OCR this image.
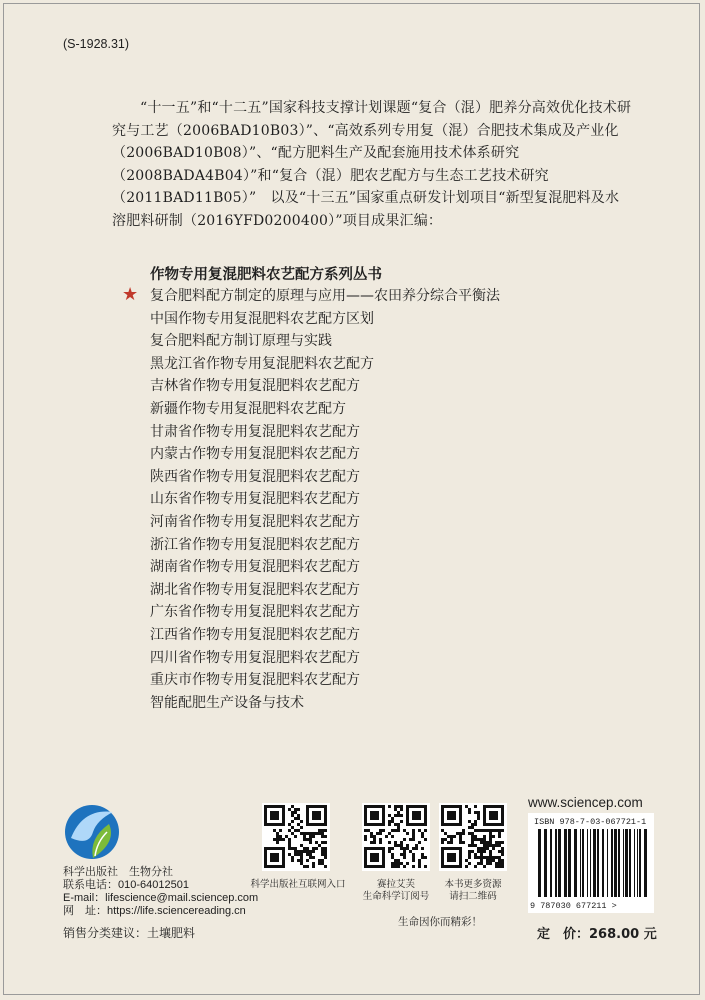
(S-1928.31)
“十一五”和“十二五”国家科技支撑计划课题“复合（混）肥养分高效优化技术研究与工艺（2006BAD10B03）”、“高效系列专用复（混）合肥技术集成及产业化（2006BAD10B08）”、“配方肥料生产及配套施用技术体系研究（2008BADA4B04）”和“复合（混）肥农艺配方与生态工艺技术研究（2011BAD11B05）”　以及“十三五”国家重点研发计划项目“新型复混肥料及水溶肥料研制（2016YFD0200400）”项目成果汇编：
作物专用复混肥料农艺配方系列丛书
★ 复合肥料配方制定的原理与应用——农田养分综合平衡法
中国作物专用复混肥料农艺配方区划
复合肥料配方制订原理与实践
黑龙江省作物专用复混肥料农艺配方
吉林省作物专用复混肥料农艺配方
新疆作物专用复混肥料农艺配方
甘肃省作物专用复混肥料农艺配方
内蒙古作物专用复混肥料农艺配方
陕西省作物专用复混肥料农艺配方
山东省作物专用复混肥料农艺配方
河南省作物专用复混肥料农艺配方
浙江省作物专用复混肥料农艺配方
湖南省作物专用复混肥料农艺配方
湖北省作物专用复混肥料农艺配方
广东省作物专用复混肥料农艺配方
江西省作物专用复混肥料农艺配方
四川省作物专用复混肥料农艺配方
重庆市作物专用复混肥料农艺配方
智能配肥生产设备与技术
科学出版社　生物分社
联系电话：010-64012501
E-mail：lifescience@mail.sciencep.com
网　址：https://life.sciencereading.cn
销售分类建议：土壤肥料
科学出版社互联网入口	赛拉艾芙
生命科学订阅号
本书更多资源
请扫二维码
生命因你而精彩！
www.sciencep.com
ISBN 978-7-03-067721-1
9 787030 677211 >
定　价：268.00 元
